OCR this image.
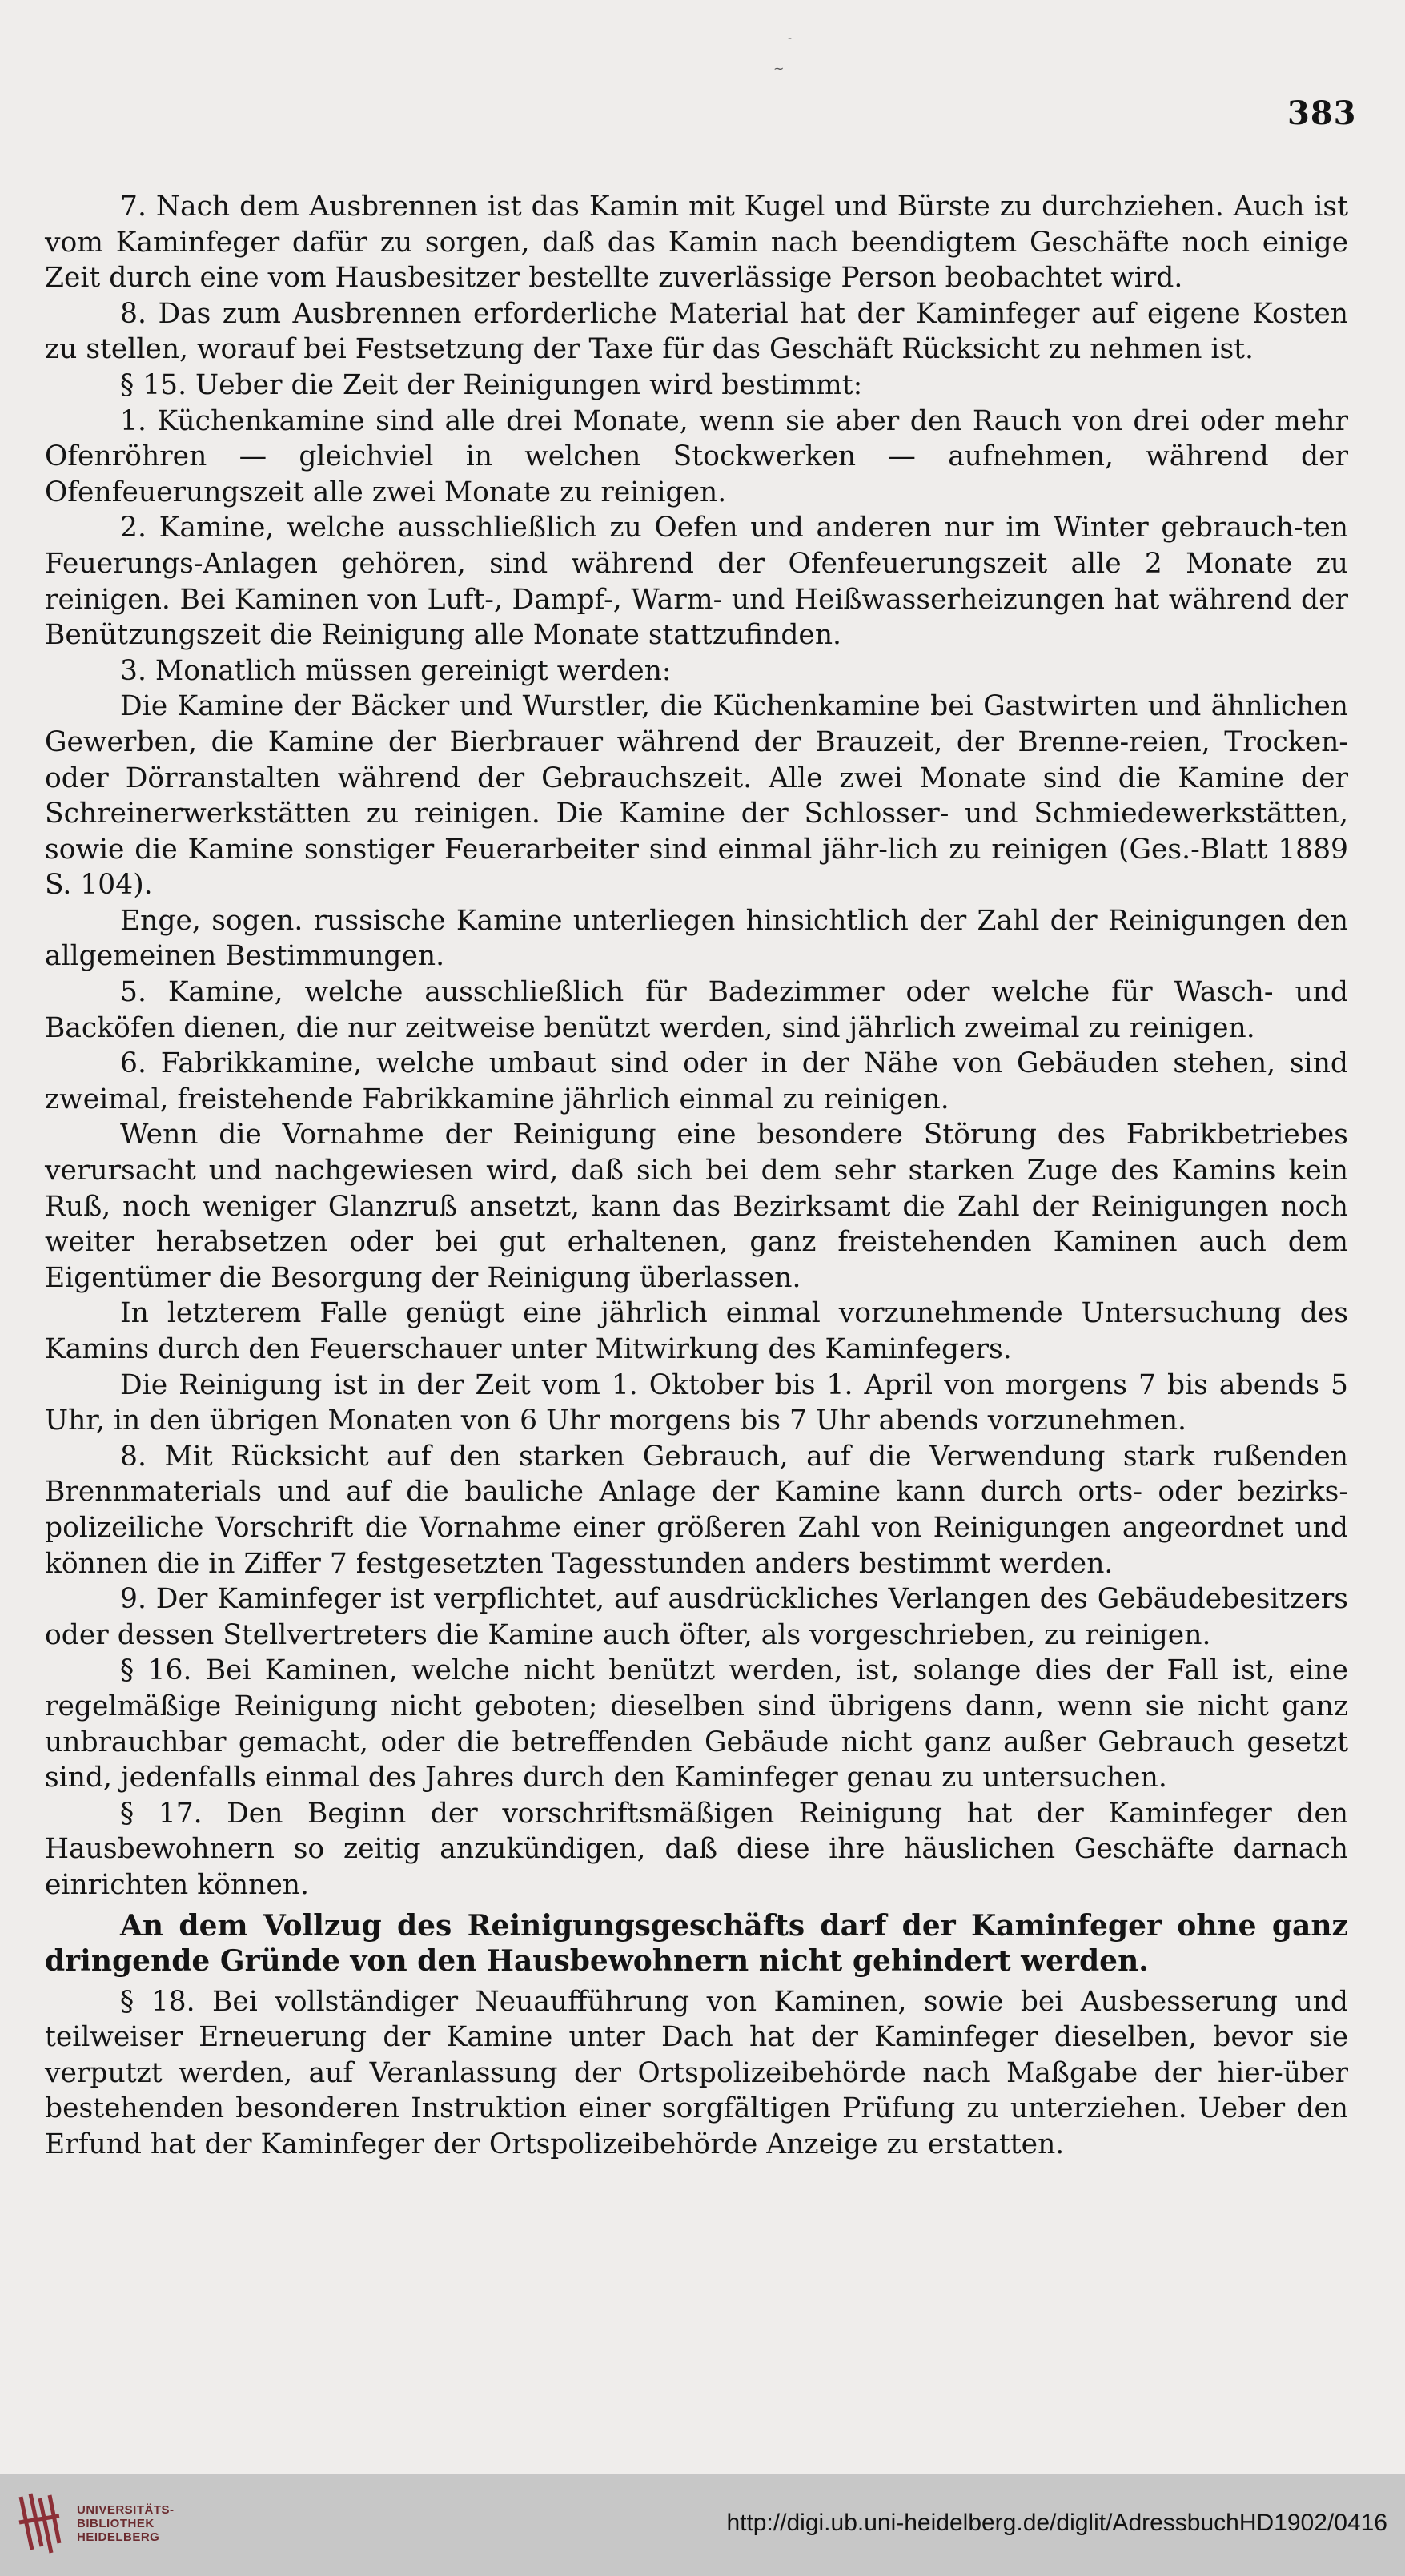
-
~
383

7. Nach dem Ausbrennen ist das Kamin mit Kugel und Bürste zu durchziehen. Auch ist vom Kaminfeger dafür zu sorgen, daß das Kamin nach beendigtem Geschäfte noch einige Zeit durch eine vom Hausbesitzer bestellte zuverlässige Person beobachtet wird.

8. Das zum Ausbrennen erforderliche Material hat der Kaminfeger auf eigene Kosten zu stellen, worauf bei Festsetzung der Taxe für das Geschäft Rücksicht zu nehmen ist.

§ 15. Ueber die Zeit der Reinigungen wird bestimmt:

1. Küchenkamine sind alle drei Monate, wenn sie aber den Rauch von drei oder mehr Ofenröhren — gleichviel in welchen Stockwerken — aufnehmen, während der Ofenfeuerungszeit alle zwei Monate zu reinigen.

2. Kamine, welche ausschließlich zu Oefen und anderen nur im Winter gebrauch-ten Feuerungs-Anlagen gehören, sind während der Ofenfeuerungszeit alle 2 Monate zu reinigen. Bei Kaminen von Luft-, Dampf-, Warm- und Heißwasserheizungen hat während der Benützungszeit die Reinigung alle Monate stattzufinden.

3. Monatlich müssen gereinigt werden:

Die Kamine der Bäcker und Wurstler, die Küchenkamine bei Gastwirten und ähnlichen Gewerben, die Kamine der Bierbrauer während der Brauzeit, der Brenne-reien, Trocken- oder Dörranstalten während der Gebrauchszeit. Alle zwei Monate sind die Kamine der Schreinerwerkstätten zu reinigen. Die Kamine der Schlosser- und Schmiedewerkstätten, sowie die Kamine sonstiger Feuerarbeiter sind einmal jähr-lich zu reinigen (Ges.-Blatt 1889 S. 104).

Enge, sogen. russische Kamine unterliegen hinsichtlich der Zahl der Reinigungen den allgemeinen Bestimmungen.

5. Kamine, welche ausschließlich für Badezimmer oder welche für Wasch- und Backöfen dienen, die nur zeitweise benützt werden, sind jährlich zweimal zu reinigen.

6. Fabrikkamine, welche umbaut sind oder in der Nähe von Gebäuden stehen, sind zweimal, freistehende Fabrikkamine jährlich einmal zu reinigen.

Wenn die Vornahme der Reinigung eine besondere Störung des Fabrikbetriebes verursacht und nachgewiesen wird, daß sich bei dem sehr starken Zuge des Kamins kein Ruß, noch weniger Glanzruß ansetzt, kann das Bezirksamt die Zahl der Reinigungen noch weiter herabsetzen oder bei gut erhaltenen, ganz freistehenden Kaminen auch dem Eigentümer die Besorgung der Reinigung überlassen.

In letzterem Falle genügt eine jährlich einmal vorzunehmende Untersuchung des Kamins durch den Feuerschauer unter Mitwirkung des Kaminfegers.

Die Reinigung ist in der Zeit vom 1. Oktober bis 1. April von morgens 7 bis abends 5 Uhr, in den übrigen Monaten von 6 Uhr morgens bis 7 Uhr abends vorzunehmen.

8. Mit Rücksicht auf den starken Gebrauch, auf die Verwendung stark rußenden Brennmaterials und auf die bauliche Anlage der Kamine kann durch orts- oder bezirks-polizeiliche Vorschrift die Vornahme einer größeren Zahl von Reinigungen angeordnet und können die in Ziffer 7 festgesetzten Tagesstunden anders bestimmt werden.

9. Der Kaminfeger ist verpflichtet, auf ausdrückliches Verlangen des Gebäudebesitzers oder dessen Stellvertreters die Kamine auch öfter, als vorgeschrieben, zu reinigen.

§ 16. Bei Kaminen, welche nicht benützt werden, ist, solange dies der Fall ist, eine regelmäßige Reinigung nicht geboten; dieselben sind übrigens dann, wenn sie nicht ganz unbrauchbar gemacht, oder die betreffenden Gebäude nicht ganz außer Gebrauch gesetzt sind, jedenfalls einmal des Jahres durch den Kaminfeger genau zu untersuchen.

§ 17. Den Beginn der vorschriftsmäßigen Reinigung hat der Kaminfeger den Hausbewohnern so zeitig anzukündigen, daß diese ihre häuslichen Geschäfte darnach einrichten können.

An dem Vollzug des Reinigungsgeschäfts darf der Kaminfeger ohne ganz dringende Gründe von den Hausbewohnern nicht gehindert werden.

§ 18. Bei vollständiger Neuaufführung von Kaminen, sowie bei Ausbesserung und teilweiser Erneuerung der Kamine unter Dach hat der Kaminfeger dieselben, bevor sie verputzt werden, auf Veranlassung der Ortspolizeibehörde nach Maßgabe der hier-über bestehenden besonderen Instruktion einer sorgfältigen Prüfung zu unterziehen. Ueber den Erfund hat der Kaminfeger der Ortspolizeibehörde Anzeige zu erstatten.

UNIVERSITÄTS-
BIBLIOTHEK
HEIDELBERG
http://digi.ub.uni-heidelberg.de/diglit/AdressbuchHD1902/0416
